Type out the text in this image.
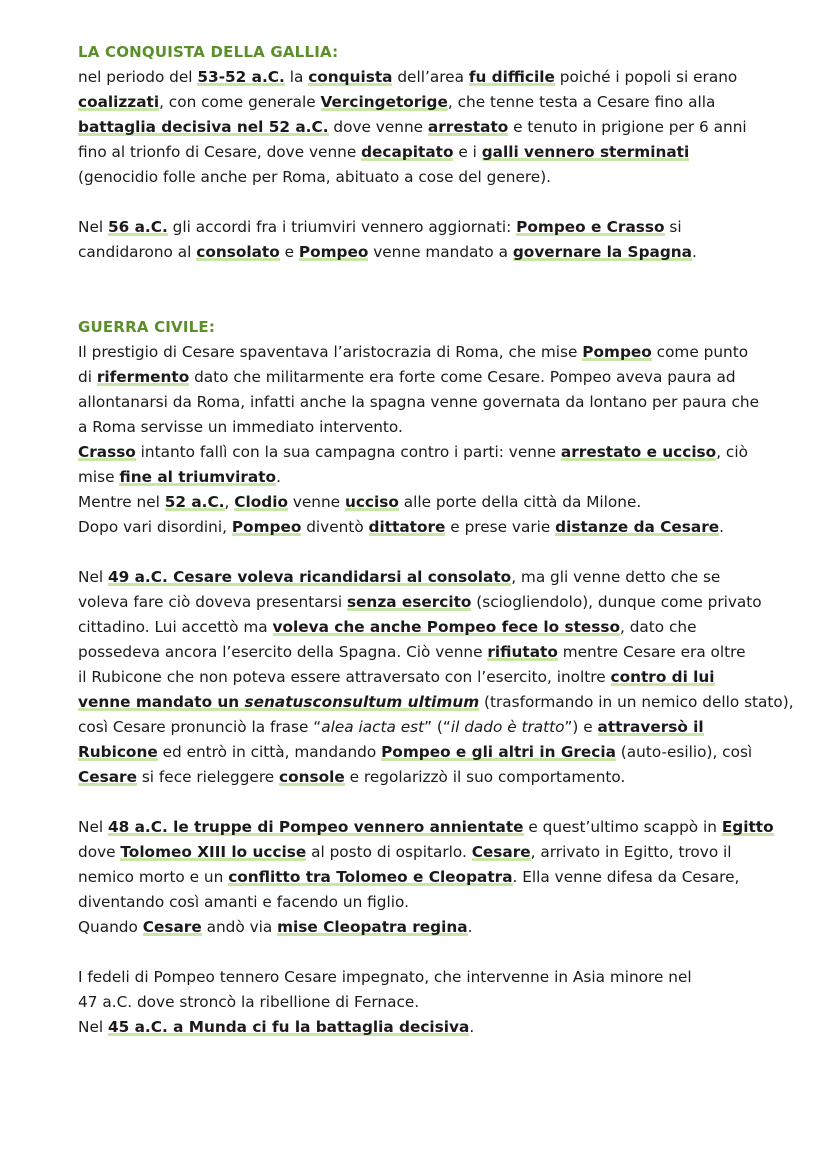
LA CONQUISTA DELLA GALLIA:

nel periodo del 53-52 a.C. la conquista dell’area fu difficile poiché i popoli si erano

coalizzati, con come generale Vercingetorige, che tenne testa a Cesare fino alla

battaglia decisiva nel 52 a.C. dove venne arrestato e tenuto in prigione per 6 anni

fino al trionfo di Cesare, dove venne decapitato e i galli vennero sterminati

(genocidio folle anche per Roma, abituato a cose del genere).

Nel 56 a.C. gli accordi fra i triumviri vennero aggiornati: Pompeo e Crasso si

candidarono al consolato e Pompeo venne mandato a governare la Spagna.

GUERRA CIVILE:

Il prestigio di Cesare spaventava l’aristocrazia di Roma, che mise Pompeo come punto

di rifermento dato che militarmente era forte come Cesare. Pompeo aveva paura ad

allontanarsi da Roma, infatti anche la spagna venne governata da lontano per paura che

a Roma servisse un immediato intervento.

Crasso intanto fallì con la sua campagna contro i parti: venne arrestato e ucciso, ciò

mise fine al triumvirato.

Mentre nel 52 a.C., Clodio venne ucciso alle porte della città da Milone.

Dopo vari disordini, Pompeo diventò dittatore e prese varie distanze da Cesare.

Nel 49 a.C. Cesare voleva ricandidarsi al consolato, ma gli venne detto che se

voleva fare ciò doveva presentarsi senza esercito (sciogliendolo), dunque come privato

cittadino. Lui accettò ma voleva che anche Pompeo fece lo stesso, dato che

possedeva ancora l’esercito della Spagna. Ciò venne rifiutato mentre Cesare era oltre

il Rubicone che non poteva essere attraversato con l’esercito, inoltre contro di lui

venne mandato un senatusconsultum ultimum (trasformando in un nemico dello stato),

così Cesare pronunciò la frase “alea iacta est” (“il dado è tratto”) e attraversò il

Rubicone ed entrò in città, mandando Pompeo e gli altri in Grecia (auto-esilio), così

Cesare si fece rieleggere console e regolarizzò il suo comportamento.

Nel 48 a.C. le truppe di Pompeo vennero annientate e quest’ultimo scappò in Egitto

dove Tolomeo XIII lo uccise al posto di ospitarlo. Cesare, arrivato in Egitto, trovo il

nemico morto e un conflitto tra Tolomeo e Cleopatra. Ella venne difesa da Cesare,

diventando così amanti e facendo un figlio.

Quando Cesare andò via mise Cleopatra regina.

I fedeli di Pompeo tennero Cesare impegnato, che intervenne in Asia minore nel

47 a.C. dove stroncò la ribellione di Fernace.

Nel 45 a.C. a Munda ci fu la battaglia decisiva.
